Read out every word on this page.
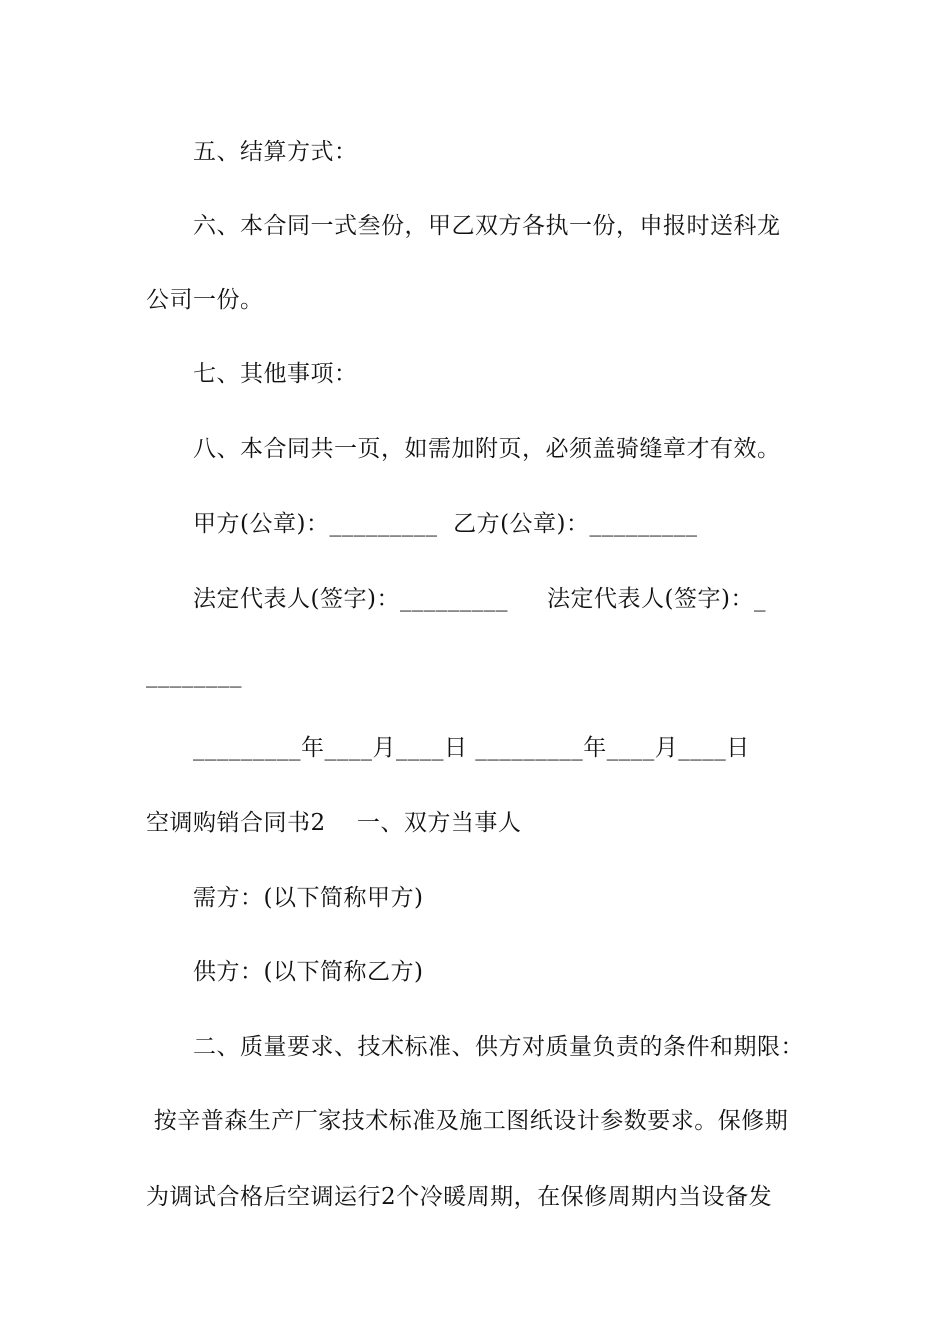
五、结算方式：
六、本合同一式叁份，甲乙双方各执一份，申报时送科龙
公司一份。
七、其他事项：
八、本合同共一页，如需加附页，必须盖骑缝章才有效。
甲方(公章)：_________  乙方(公章)：_________
法定代表人(签字)：_________     法定代表人(签字)：_
________
_________年____月____日 _________年____月____日
空调购销合同书2    一、双方当事人
需方：(以下简称甲方)
供方：(以下简称乙方)
二、质量要求、技术标准、供方对质量负责的条件和期限：
按辛普森生产厂家技术标准及施工图纸设计参数要求。保修期
为调试合格后空调运行2个冷暖周期，在保修周期内当设备发
